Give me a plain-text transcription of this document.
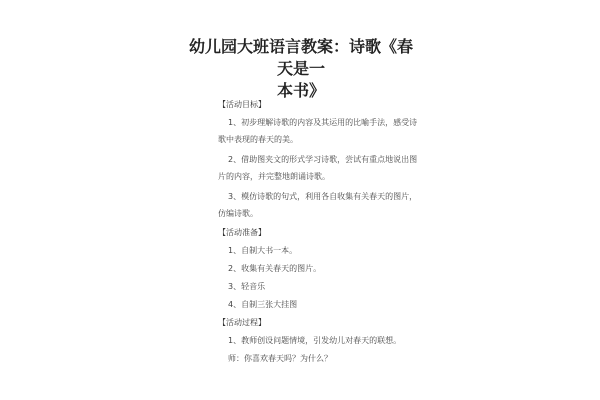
幼儿园大班语言教案：诗歌《春天是一
本书》
【活动目标】
1、初步理解诗歌的内容及其运用的比喻手法，感受诗
歌中表现的春天的美。
2、借助图夹文的形式学习诗歌，尝试有重点地说出图
片的内容，并完整地朗诵诗歌。
3、模仿诗歌的句式，利用各自收集有关春天的图片，
仿编诗歌。
【活动准备】
1、自制大书一本。
2、收集有关春天的图片。
3、轻音乐
4、自制三张大挂图
【活动过程】
1、教师创设问题情境，引发幼儿对春天的联想。
师：你喜欢春天吗？为什么？
